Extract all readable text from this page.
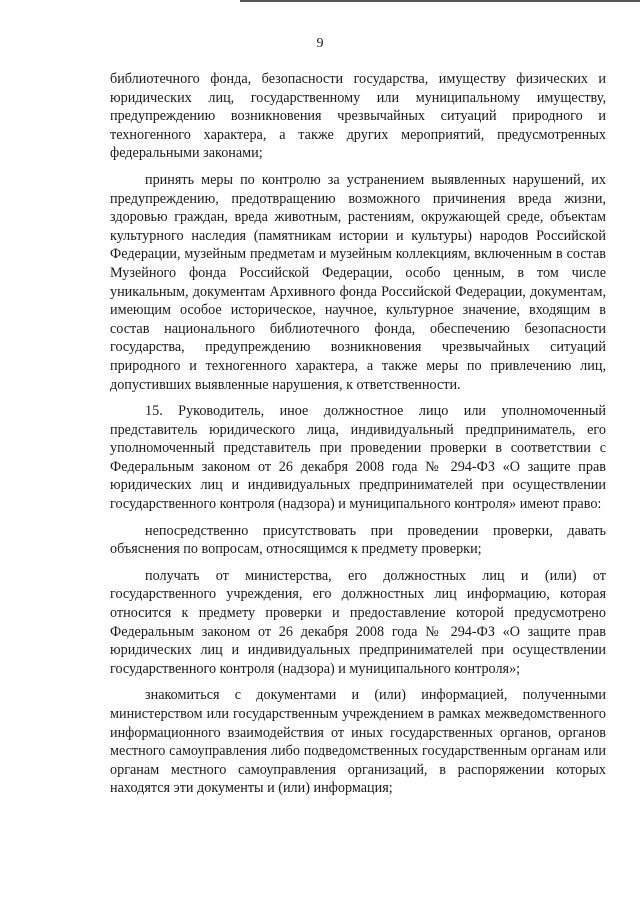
9

библиотечного фонда, безопасности государства, имуществу физических и юридических лиц, государственному или муниципальному имуществу, предупреждению возникновения чрезвычайных ситуаций природного и техногенного характера, а также других мероприятий, предусмотренных федеральными законами;

принять меры по контролю за устранением выявленных нарушений, их предупреждению, предотвращению возможного причинения вреда жизни, здоровью граждан, вреда животным, растениям, окружающей среде, объектам культурного наследия (памятникам истории и культуры) народов Российской Федерации, музейным предметам и музейным коллекциям, включенным в состав Музейного фонда Российской Федерации, особо ценным, в том числе уникальным, документам Архивного фонда Российской Федерации, документам, имеющим особое историческое, научное, культурное значение, входящим в состав национального библиотечного фонда, обеспечению безопасности государства, предупреждению возникновения чрезвычайных ситуаций природного и техногенного характера, а также меры по привлечению лиц, допустивших выявленные нарушения, к ответственности.

15. Руководитель, иное должностное лицо или уполномоченный представитель юридического лица, индивидуальный предприниматель, его уполномоченный представитель при проведении проверки в соответствии с Федеральным законом от 26 декабря 2008 года № 294-ФЗ «О защите прав юридических лиц и индивидуальных предпринимателей при осуществлении государственного контроля (надзора) и муниципального контроля» имеют право:

непосредственно присутствовать при проведении проверки, давать объяснения по вопросам, относящимся к предмету проверки;

получать от министерства, его должностных лиц и (или) от государственного учреждения, его должностных лиц информацию, которая относится к предмету проверки и предоставление которой предусмотрено Федеральным законом от 26 декабря 2008 года № 294-ФЗ «О защите прав юридических лиц и индивидуальных предпринимателей при осуществлении государственного контроля (надзора) и муниципального контроля»;

знакомиться с документами и (или) информацией, полученными министерством или государственным учреждением в рамках межведомственного информационного взаимодействия от иных государственных органов, органов местного самоуправления либо подведомственных государственным органам или органам местного самоуправления организаций, в распоряжении которых находятся эти документы и (или) информация;
